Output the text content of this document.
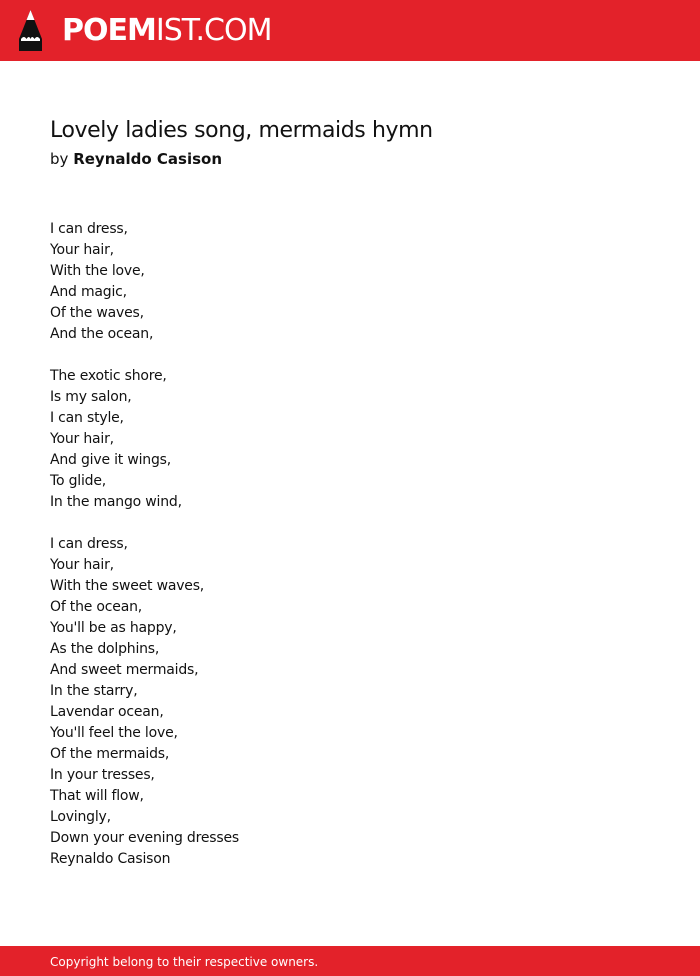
POEMIST.COM
Lovely ladies song, mermaids hymn
by Reynaldo Casison
I can dress,
Your hair,
With the love,
And magic,
Of the waves,
And the ocean,
The exotic shore,
Is my salon,
I can style,
Your hair,
And give it wings,
To glide,
In the mango wind,
I can dress,
Your hair,
With the sweet waves,
Of the ocean,
You'll be as happy,
As the dolphins,
And sweet mermaids,
In the starry,
Lavendar ocean,
You'll feel the love,
Of the mermaids,
In your tresses,
That will flow,
Lovingly,
Down your evening dresses
Reynaldo Casison
Copyright belong to their respective owners.
